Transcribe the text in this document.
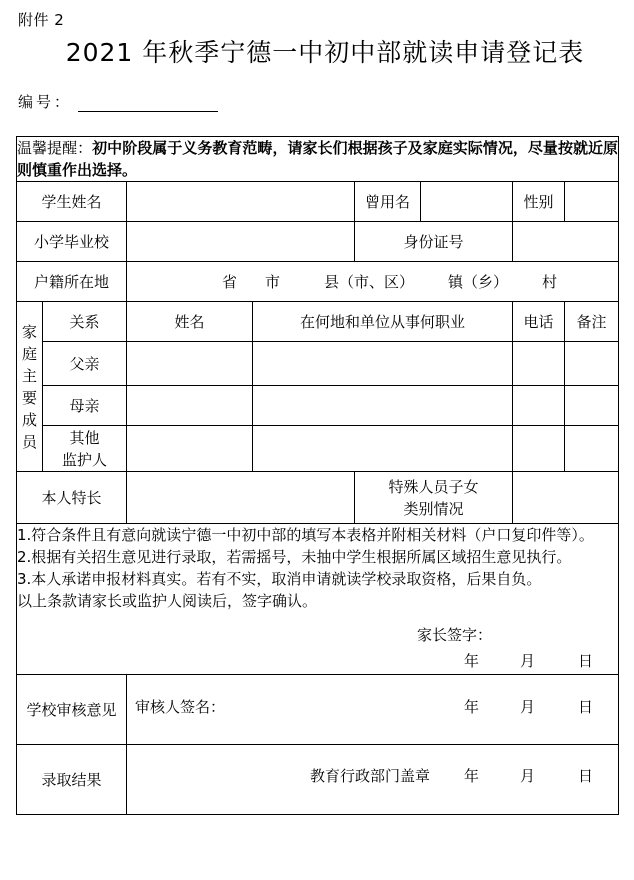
附件 2
2021 年秋季宁德一中初中部就读申请登记表
编号：
温馨提醒：初中阶段属于义务教育范畴，请家长们根据孩子及家庭实际情况，尽量按就近原则慎重作出选择。							
学生姓名				曾用名		性别	
小学毕业校				身份证号			
户籍所在地		省 市 县（市、区） 镇（乡） 村					

家
庭
主
要
成
员
	关系	姓名	在何地和单位从事何职业	电话	备注
	父亲						
	母亲						

	其他
监护人						

本人特长				特殊人员子女
类别情况			

1.符合条件且有意向就读宁德一中初中部的填写本表格并附相关材料（户口复印件等）。
2.根据有关招生意见进行录取，若需摇号，未抽中学生根据所属区域招生意见执行。
3.本人承诺申报材料真实。若有不实，取消申请就读学校录取资格，后果自负。
以上条款请家长或监护人阅读后，签字确认。
家长签字：
年	月	日

学校审核意见		审核人签名： 年 月 日					

录取结果		教育行政部门盖章 年 月 日					
